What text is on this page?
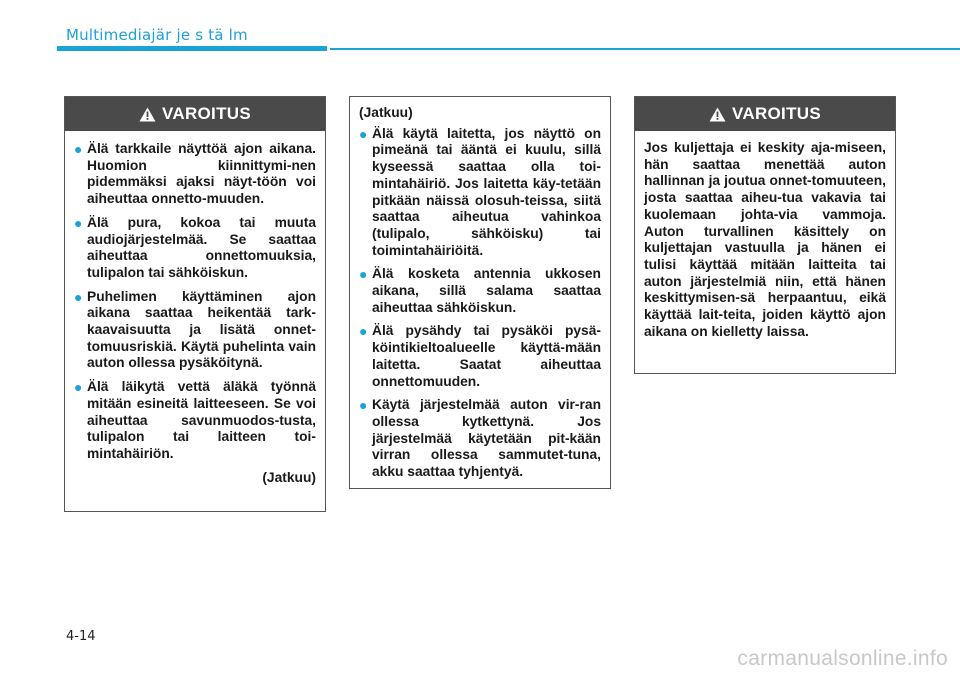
Multimediajär je s tä lm
VAROITUS
● Älä tarkkaile näyttöä ajon aikana. Huomion kiinnittymi-nen pidemmäksi ajaksi näyt-töön voi aiheuttaa onnetto-muuden.
● Älä pura, kokoa tai muuta audiojärjestelmää. Se saattaa aiheuttaa onnettomuuksia, tulipalon tai sähköiskun.
● Puhelimen käyttäminen ajon aikana saattaa heikentää tark-kaavaisuutta ja lisätä onnet-tomuusriskiä. Käytä puhelinta vain auton ollessa pysäköitynä.
● Älä läikytä vettä äläkä työnnä mitään esineitä laitteeseen. Se voi aiheuttaa savunmuodos-tusta, tulipalon tai laitteen toi-mintahäiriön.
(Jatkuu)
(Jatkuu)
● Älä käytä laitetta, jos näyttö on pimeänä tai ääntä ei kuulu, sillä kyseessä saattaa olla toi-mintahäiriö. Jos laitetta käy-tetään pitkään näissä olosuh-teissa, siitä saattaa aiheutua vahinkoa (tulipalo, sähköisku) tai toimintahäiriöitä.
● Älä kosketa antennia ukkosen aikana, sillä salama saattaa aiheuttaa sähköiskun.
● Älä pysähdy tai pysäköi pysä-köintikieltoalueelle käyttä-mään laitetta. Saatat aiheuttaa onnettomuuden.
● Käytä järjestelmää auton vir-ran ollessa kytkettynä. Jos järjestelmää käytetään pit-kään virran ollessa sammutet-tuna, akku saattaa tyhjentyä.
VAROITUS
Jos kuljettaja ei keskity aja-miseen, hän saattaa menettää auton hallinnan ja joutua onnet-tomuuteen, josta saattaa aiheu-tua vakavia tai kuolemaan johta-via vammoja. Auton turvallinen käsittely on kuljettajan vastuulla ja hänen ei tulisi käyttää mitään laitteita tai auton järjestelmiä niin, että hänen keskittymisen-sä herpaantuu, eikä käyttää lait-teita, joiden käyttö ajon aikana on kielletty laissa.
4-14
carmanualsonline.info
